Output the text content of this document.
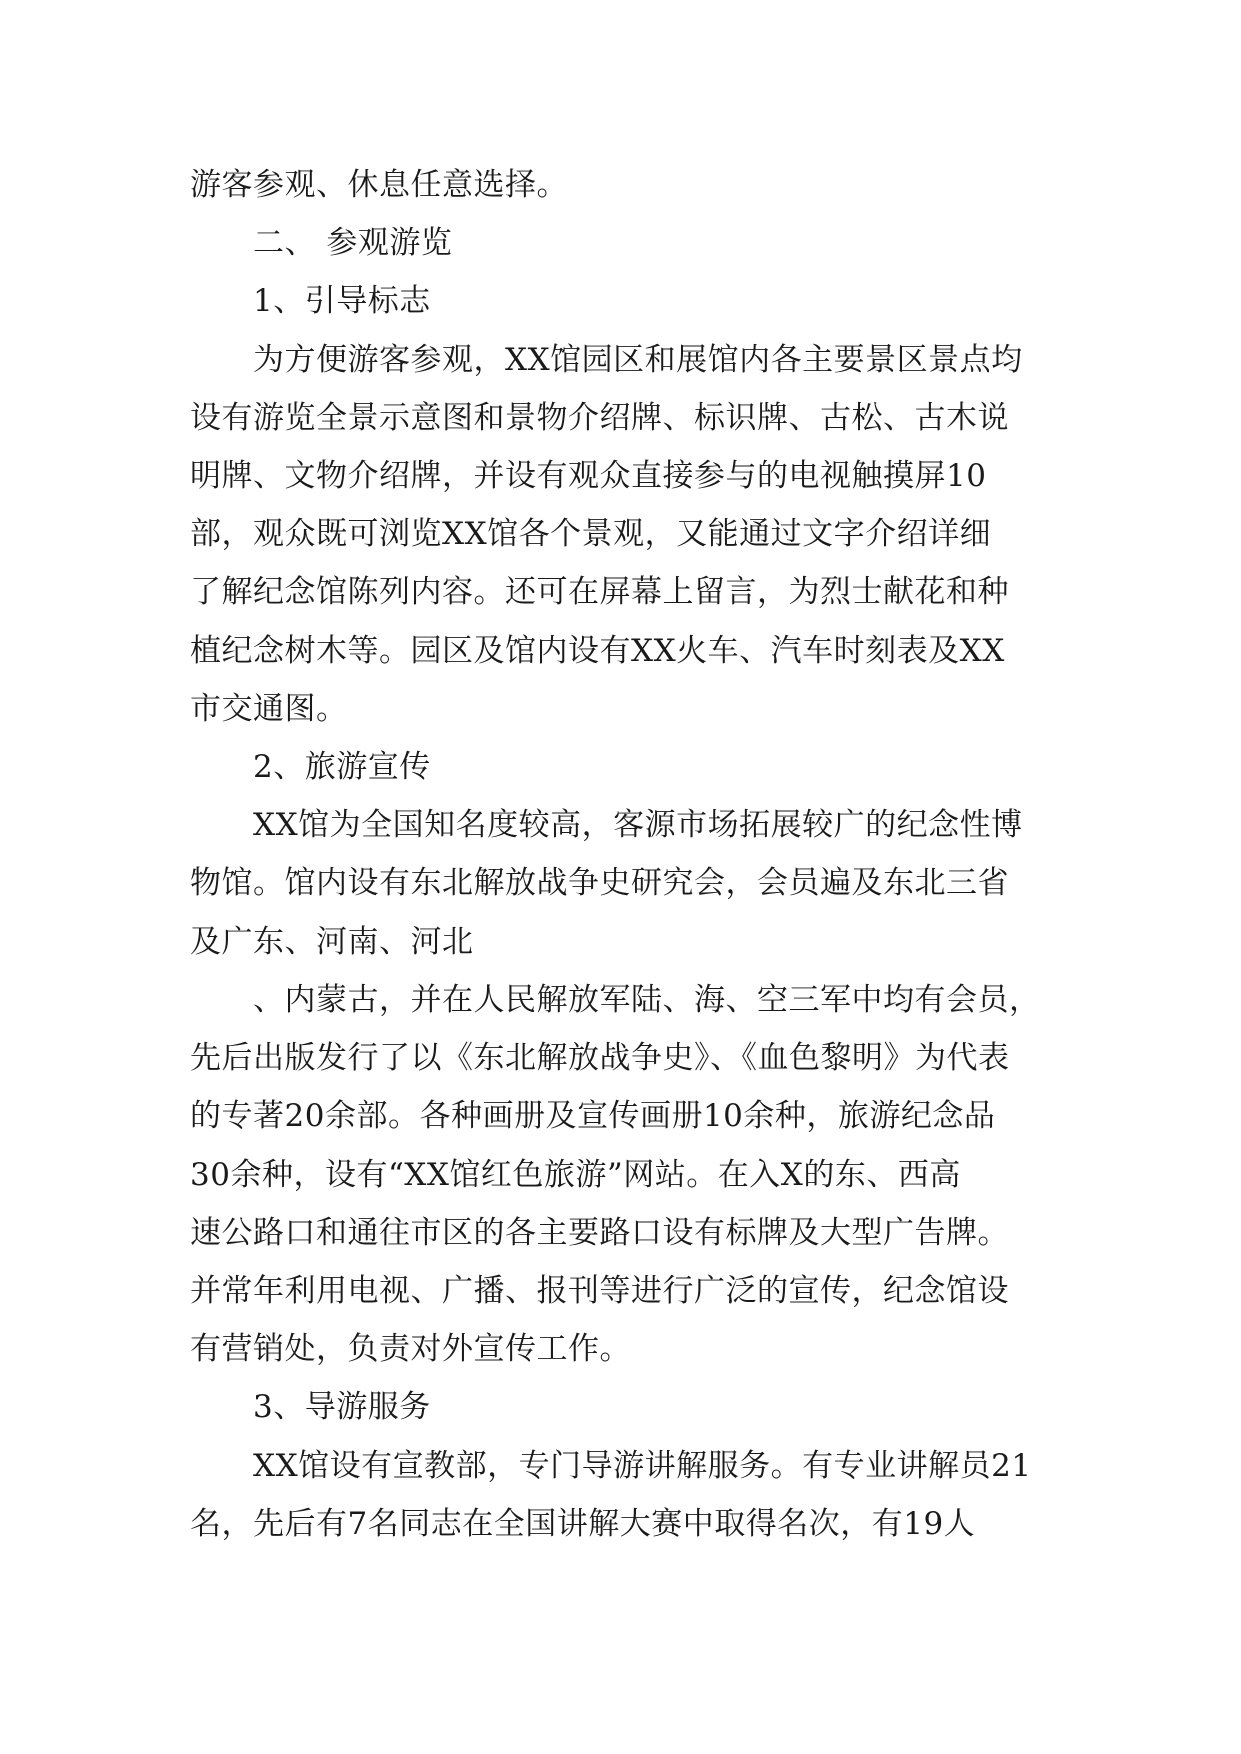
游客参观、休息任意选择。
二、 参观游览
1、引导标志
为方便游客参观，XX馆园区和展馆内各主要景区景点均
设有游览全景示意图和景物介绍牌、标识牌、古松、古木说
明牌、文物介绍牌，并设有观众直接参与的电视触摸屏10
部，观众既可浏览XX馆各个景观，又能通过文字介绍详细
了解纪念馆陈列内容。还可在屏幕上留言，为烈士献花和种
植纪念树木等。园区及馆内设有XX火车、汽车时刻表及XX
市交通图。
2、旅游宣传
XX馆为全国知名度较高，客源市场拓展较广的纪念性博
物馆。馆内设有东北解放战争史研究会，会员遍及东北三省
及广东、河南、河北
、内蒙古，并在人民解放军陆、海、空三军中均有会员，
先后出版发行了以《东北解放战争史》、《血色黎明》为代表
的专著20余部。各种画册及宣传画册10余种，旅游纪念品
30余种，设有“XX馆红色旅游”网站。在入X的东、西高
速公路口和通往市区的各主要路口设有标牌及大型广告牌。
并常年利用电视、广播、报刊等进行广泛的宣传，纪念馆设
有营销处，负责对外宣传工作。
3、导游服务
XX馆设有宣教部，专门导游讲解服务。有专业讲解员21
名，先后有7名同志在全国讲解大赛中取得名次，有19人
